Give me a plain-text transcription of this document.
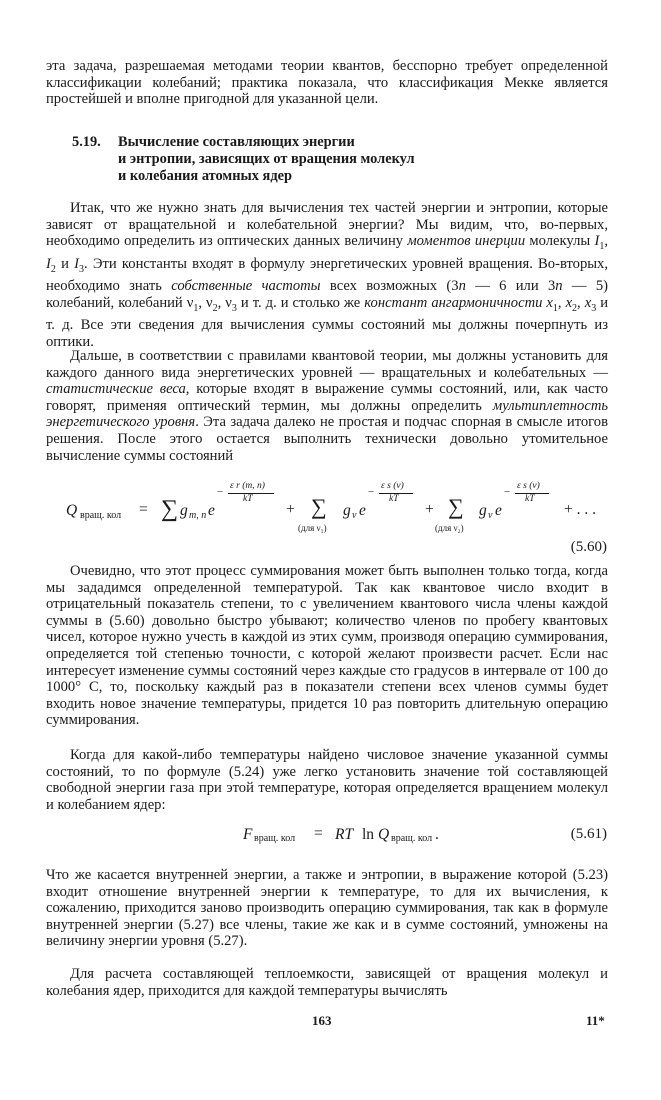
эта задача, разрешаемая методами теории квантов, бесспорно требует определенной классификации колебаний; практика показала, что классификация Мекке является простейшей и вполне пригодной для указанной цели.

5.19. Вычисление составляющих энергии
и энтропии, зависящих от вращения молекул
и колебания атомных ядер

Итак, что же нужно знать для вычисления тех частей энергии и энтропии, которые зависят от вращательной и колебательной энергии? Мы видим, что, во-первых, необходимо определить из оптических данных величину моментов инерции молекулы $I_1$, $I_2$ и $I_3$. Эти константы входят в формулу энергетических уровней вращения. Во-вторых, необходимо знать собственные частоты всех возможных (3n — 6 или 3n — 5) колебаний, колебаний $\nu_1$, $\nu_2$, $\nu_3$ и т. д. и столько же констант ангармоничности $x_1$, $x_2$, $x_3$ и т. д. Все эти сведения для вычисления суммы состояний мы должны почерпнуть из оптики.

Дальше, в соответствии с правилами квантовой теории, мы должны установить для каждого данного вида энергетических уровней — вращательных и колебательных — статистические веса, которые входят в выражение суммы состояний, или, как часто говорят, применяя оптический термин, мы должны определить мультиплетность энергетического уровня. Эта задача далеко не простая и подчас спорная в смысле итогов решения. После этого остается выполнить технически довольно утомительное вычисление суммы состояний

Q вращ. кол = ∑ g m, n e
− ε r (m, n)
kT
+ ∑
(для ν₁)
g v e
− ε s (v)
kT
+ ∑
(для ν₂)
g v e
− ε s (v)
kT
+ . . .
(5.60)

Очевидно, что этот процесс суммирования может быть выполнен только тогда, когда мы зададимся определенной температурой. Так как квантовое число входит в отрицательный показатель степени, то с увеличением квантового числа члены каждой суммы в (5.60) довольно быстро убывают; количество членов по пробегу квантовых чисел, которое нужно учесть в каждой из этих сумм, производя операцию суммирования, определяется той степенью точности, с которой желают произвести расчет. Если нас интересует изменение суммы состояний через каждые сто градусов в интервале от 100 до 1000° С, то, поскольку каждый раз в показатели степени всех членов суммы будет входить новое значение температуры, придется 10 раз повторить длительную операцию суммирования.

Когда для какой-либо температуры найдено числовое значение указанной суммы состояний, то по формуле (5.24) уже легко установить значение той составляющей свободной энергии газа при этой температуре, которая определяется вращением молекул и колебанием ядер:

F вращ. кол = RT ln Q вращ. кол .	(5.61)

Что же касается внутренней энергии, а также и энтропии, в выражение которой (5.23) входит отношение внутренней энергии к температуре, то для их вычисления, к сожалению, приходится заново производить операцию суммирования, так как в формуле внутренней энергии (5.27) все члены, такие же как и в сумме состояний, умножены на величину энергии уровня (5.27).

Для расчета составляющей теплоемкости, зависящей от вращения молекул и колебания ядер, приходится для каждой температуры вычислять

163	11*
